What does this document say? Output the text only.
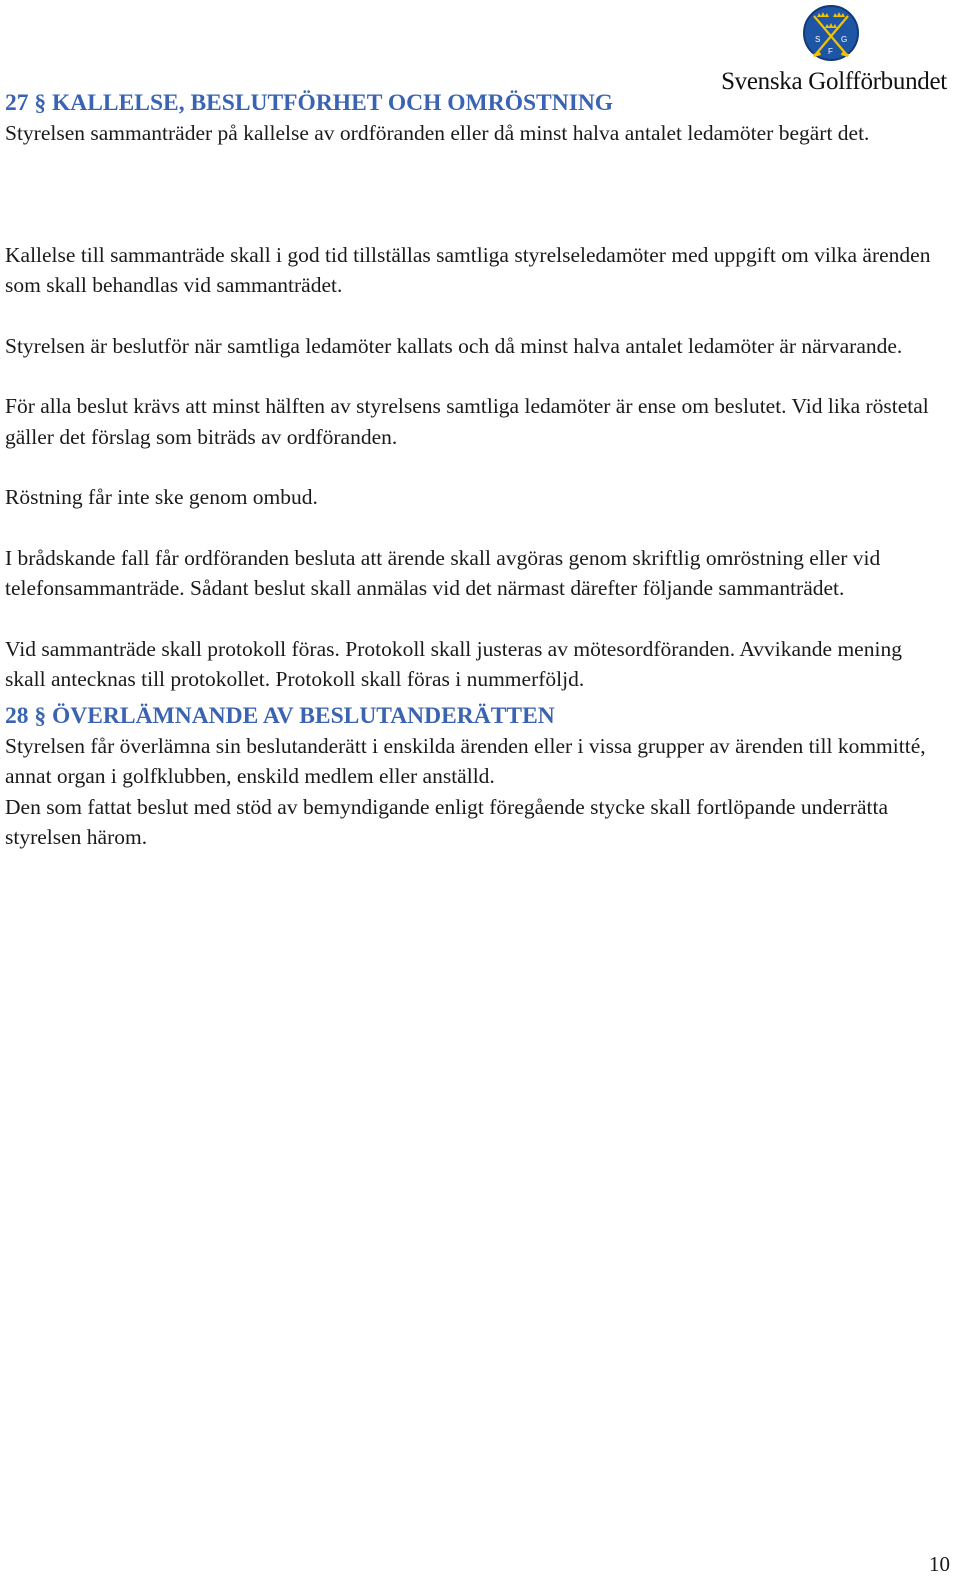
S	G
F
Svenska Golfförbundet
27 § KALLELSE, BESLUTFÖRHET OCH OMRÖSTNING

Styrelsen sammanträder på kallelse av ordföranden eller då minst halva antalet ledamöter begärt det.

Kallelse till sammanträde skall i god tid tillställas samtliga styrelseledamöter med uppgift om vilka ärenden som skall behandlas vid sammanträdet.

Styrelsen är beslutför när samtliga ledamöter kallats och då minst halva antalet ledamöter är närvarande.

För alla beslut krävs att minst hälften av styrelsens samtliga ledamöter är ense om beslutet. Vid lika röstetal gäller det förslag som biträds av ordföranden.

Röstning får inte ske genom ombud.

I brådskande fall får ordföranden besluta att ärende skall avgöras genom skriftlig omröstning eller vid telefonsammanträde. Sådant beslut skall anmälas vid det närmast därefter följande sammanträdet.

Vid sammanträde skall protokoll föras. Protokoll skall justeras av mötesordföranden. Avvikande mening skall antecknas till protokollet. Protokoll skall föras i nummerföljd.

28 § ÖVERLÄMNANDE AV BESLUTANDERÄTTEN

Styrelsen får överlämna sin beslutanderätt i enskilda ärenden eller i vissa grupper av ärenden till kommitté, annat organ i golfklubben, enskild medlem eller anställd.

Den som fattat beslut med stöd av bemyndigande enligt föregående stycke skall fortlöpande underrätta styrelsen härom.

10
